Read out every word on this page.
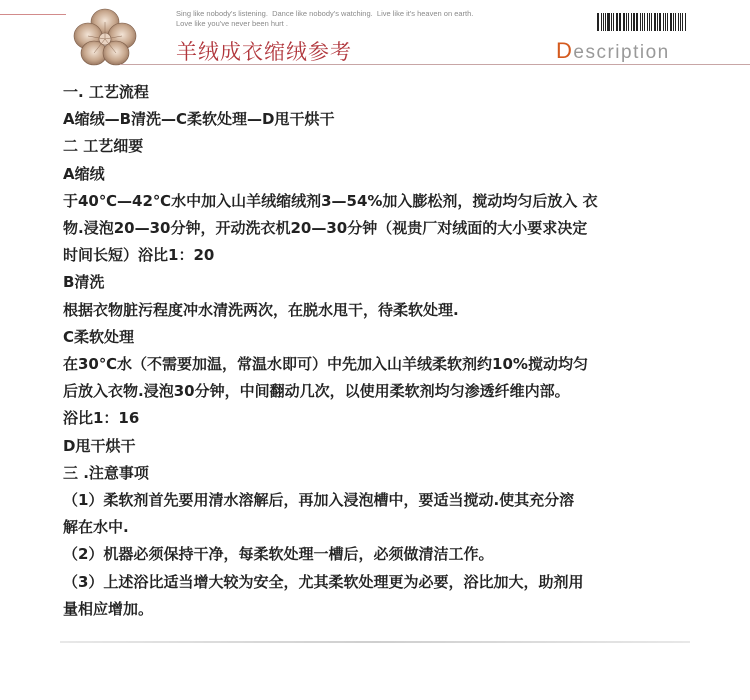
Sing like nobody's listening.  Dance like nobody's watching.  Live like it's heaven on earth.
Love like you've never been hurt .
羊绒成衣缩绒参考	Description
一. 工艺流程
A缩绒—B清洗—C柔软处理—D甩干烘干
二 工艺细要
A缩绒
于40℃—42℃水中加入山羊绒缩绒剂3—54%加入膨松剂，搅动均匀后放入 衣
物.浸泡20—30分钟，开动洗衣机20—30分钟（视贵厂对绒面的大小要求决定
时间长短）浴比1：20
B清洗
根据衣物脏污程度冲水清洗两次，在脱水甩干，待柔软处理.
C柔软处理
在30℃水（不需要加温，常温水即可）中先加入山羊绒柔软剂约10%搅动均匀
后放入衣物.浸泡30分钟，中间翻动几次，以使用柔软剂均匀渗透纤维内部。
浴比1：16
D甩干烘干
三 .注意事项
（1）柔软剂首先要用清水溶解后，再加入浸泡槽中，要适当搅动.使其充分溶
解在水中.
（2）机器必须保持干净，每柔软处理一槽后，必须做清洁工作。
（3）上述浴比适当增大较为安全，尤其柔软处理更为必要，浴比加大，助剂用
量相应增加。
